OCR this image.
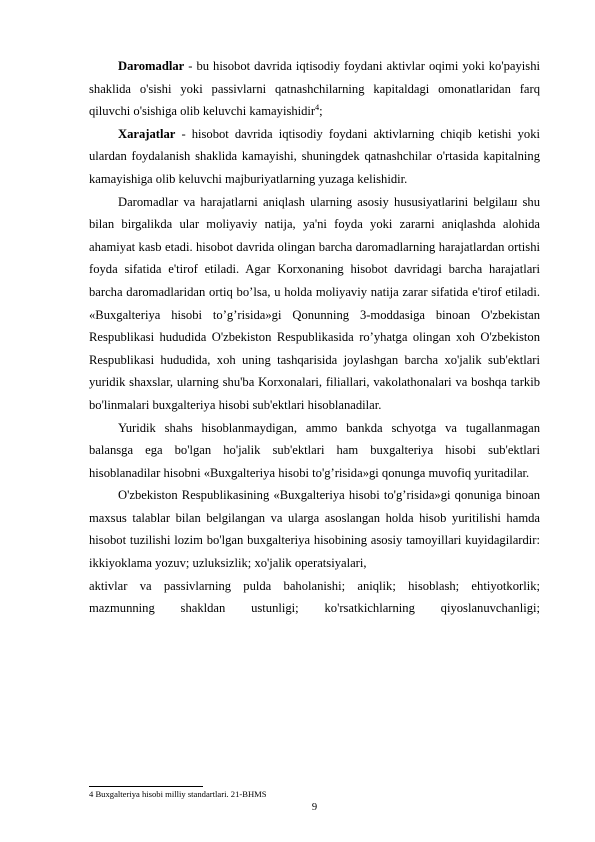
Daromadlar - bu hisobot davrida iqtisodiy foydani aktivlar oqimi yoki ko'payishi shaklida o'sishi yoki passivlarni qatnashchilarning kapitaldagi omonatlaridan farq qiluvchi o'sishiga olib keluvchi kamayishidir$^4$;

Xarajatlar - hisobot davrida iqtisodiy foydani aktivlarning chiqib ketishi yoki ulardan foydalanish shaklida kamayishi, shuningdek qatnashchilar o'rtasida kapitalning kamayishiga olib keluvchi majburiyatlarning yuzaga kelishidir.

Daromadlar va harajatlarni aniqlash ularning asosiy hususiyatlarini belgilaш shu bilan birgalikda ular moliyaviy natija, ya'ni foyda yoki zararni aniqlashda alohida ahamiyat kasb etadi. hisobot davrida olingan barcha daromadlarning harajatlardan ortishi foyda sifatida e'tirof etiladi. Agar Korxonaning hisobot davridagi barcha harajatlari barcha daromadlaridan ortiq bo’lsa, u holda moliyaviy natija zarar sifatida e'tirof etiladi. «Buxgalteriya hisobi to’g’risida»gi Qonunning 3-moddasiga binoan O'zbekistan Respublikasi hududida O'zbekiston Respublikasida ro’yhatga olingan xoh O'zbekiston Respublikasi hududida, xoh uning tashqarisida joylashgan barcha xo'jalik sub'ektlari yuridik shaxslar, ularning shu'ba Korxonalari, filiallari, vakolathonalari va boshqa tarkib bo'linmalari buxgalteriya hisobi sub'ektlari hisoblanadilar.

Yuridik shahs hisoblanmaydigan, ammo bankda schyotga va tugallanmagan balansga ega bo'lgan ho'jalik sub'ektlari ham buxgalteriya hisobi sub'ektlari hisoblanadilar hisobni «Buxgalteriya hisobi to'g’risida»gi qonunga muvofiq yuritadilar.

O'zbekiston Respublikasining «Buxgalteriya hisobi to'g’risida»gi qonuniga binoan maxsus talablar bilan belgilangan va ularga asoslangan holda hisob yuritilishi hamda hisobot tuzilishi lozim bo'lgan buxgalteriya hisobining asosiy tamoyillari kuyidagilardir: ikkiyoklama yozuv; uzluksizlik; xo'jalik operatsiyalari,

aktivlar va passivlarning pulda baholanishi; aniqlik; hisoblash; ehtiyotkorlik; mazmunning shakldan ustunligi; ko'rsatkichlarning qiyoslanuvchanligi;

4 Buxgalteriya hisobi milliy standartlari. 21-BHMS
9
